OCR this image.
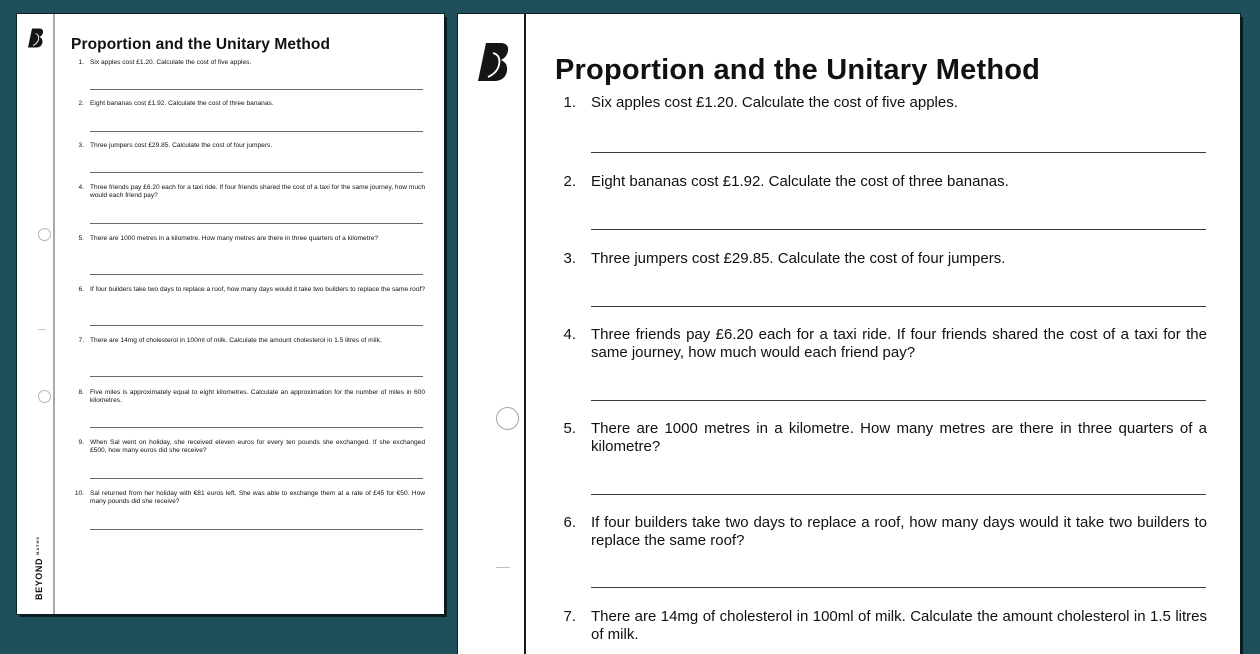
Proportion and the Unitary Method
1. Six apples cost £1.20. Calculate the cost of five apples.
2. Eight bananas cost £1.92. Calculate the cost of three bananas.
3. Three jumpers cost £29.85. Calculate the cost of four jumpers.
4. Three friends pay £6.20 each for a taxi ride. If four friends shared the cost of a taxi for the same journey, how much would each friend pay?
5. There are 1000 metres in a kilometre. How many metres are there in three quarters of a kilometre?
6. If four builders take two days to replace a roof, how many days would it take two builders to replace the same roof?
7. There are 14mg of cholesterol in 100ml of milk. Calculate the amount cholesterol in 1.5 litres of milk.
8. Five miles is approximately equal to eight kilometres. Calculate an approximation for the number of miles in 600 kilometres.
9. When Sal went on holiday, she received eleven euros for every ten pounds she exchanged. If she exchanged £500, how many euros did she receive?
10. Sal returned from her holiday with €81 euros left. She was able to exchange them at a rate of £45 for €50. How many pounds did she receive?
BEYONDMATHS
Proportion and the Unitary Method
1. Six apples cost £1.20. Calculate the cost of five apples.
2. Eight bananas cost £1.92. Calculate the cost of three bananas.
3. Three jumpers cost £29.85. Calculate the cost of four jumpers.
4. Three friends pay £6.20 each for a taxi ride. If four friends shared the cost of a taxi for the same journey, how much would each friend pay?
5. There are 1000 metres in a kilometre. How many metres are there in three quarters of a kilometre?
6. If four builders take two days to replace a roof, how many days would it take two builders to replace the same roof?
7. There are 14mg of cholesterol in 100ml of milk. Calculate the amount cholesterol in 1.5 litres of milk.
